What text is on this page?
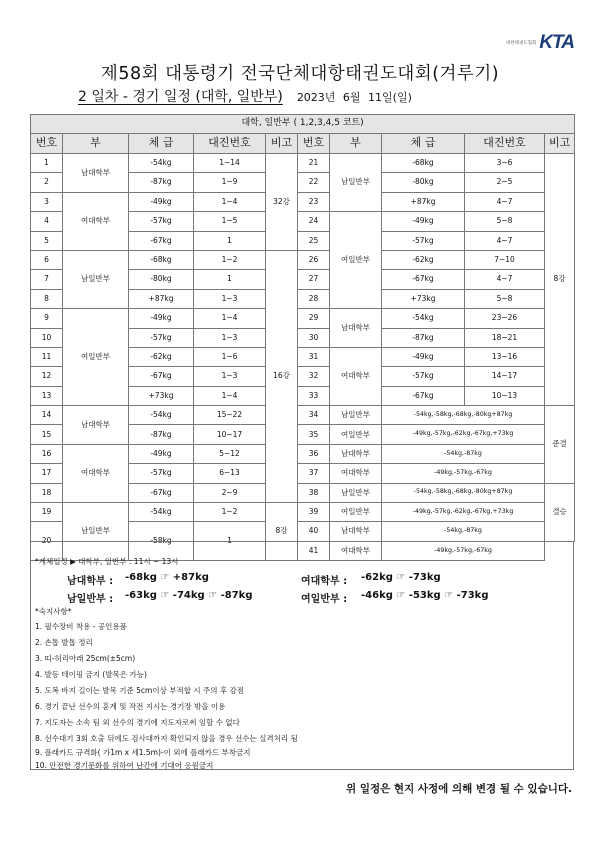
대한태권도협회 KTA
제58회 대통령기 전국단체대항태권도대회(겨루기)
2 일차 - 경기 일정 (대학, 일반부) 2023년 6월 11일(일)
대학, 일반부 ( 1,2,3,4,5 코트)									
번호	부	체 급	대진번호	비고	번호	부	체 급	대진번호	비고
1	남대학부	-54kg	1~14	32강	21	남일반부	-68kg	3~6	8강
2		-87kg	1~9		22		-80kg	2~5	
3	여대학부	-49kg	1~4		23		+87kg	4~7	
4		-57kg	1~5		24	여일반부	-49kg	5~8	
5		-67kg	1		25		-57kg	4~7	
6	남일반부	-68kg	1~2	16강	26		-62kg	7~10	
7		-80kg	1		27		-67kg	4~7	
8		+87kg	1~3		28		+73kg	5~8	
9	여일반부	-49kg	1~4		29	남대학부	-54kg	23~26	
10		-57kg	1~3		30		-87kg	18~21	
11		-62kg	1~6		31	여대학부	-49kg	13~16	
12		-67kg	1~3		32		-57kg	14~17	
13		+73kg	1~4		33		-67kg	10~13	
14	남대학부	-54kg	15~22		34	남일반부	-54kg,-58kg,-68kg,-80kg+87kg		준결
15		-87kg	10~17		35	여일반부	-49kg,-57kg,-62kg,-67kg,+73kg		
16	여대학부	-49kg	5~12		36	남대학부	-54kg,-87kg		
17		-57kg	6~13		37	여대학부	-49kg,-57kg,-67kg		
18		-67kg	2~9		38	남일반부	-54kg,-58kg,-68kg,-80kg+87kg		결승
19	남일반부	-54kg	1~2	8강	39	여일반부	-49kg,-57kg,-62kg,-67kg,+73kg		

20		-58kg	1		40	남대학부	-54kg,-87kg		

					41	여대학부	-49kg,-57kg,-67kg		
*계체일정 ▶ 대학부, 일반부 : 11시 ~ 13시
남대학부 : -68kg ☞ +87kg	여대학부 : -62kg ☞ -73kg
남일반부 : -63kg ☞ -74kg ☞ -87kg	여일반부 : -46kg ☞ -53kg ☞ -73kg
*숙지사항*
1. 필수장비 착용 - 공인용품
2. 손톱 발톱 정리
3. 띠-허리아래 25cm(±5cm)
4. 발등 테이핑 금지 (발목은 가능)
5. 도복 바지 길이는 발목 기준 5cm이상 부적합 시 주의 후 감점
6. 경기 끝난 선수의 훈계 및 작전 지시는 경기장 밖을 이용
7. 지도자는 소속 팀 외 선수의 경기에 지도자로써 임할 수 없다
8. 선수대기 3회 호출 뒤에도 검사대까지 확인되지 않을 경우 선수는 실격처리 됨
9. 플래카드 규격화( 가1m x 세1.5m)-이 외에 플래카드 부착금지
10. 안전한 경기문화를 위하여 난간에 기대어 응원금지
위 일정은 현지 사정에 의해 변경 될 수 있습니다.
